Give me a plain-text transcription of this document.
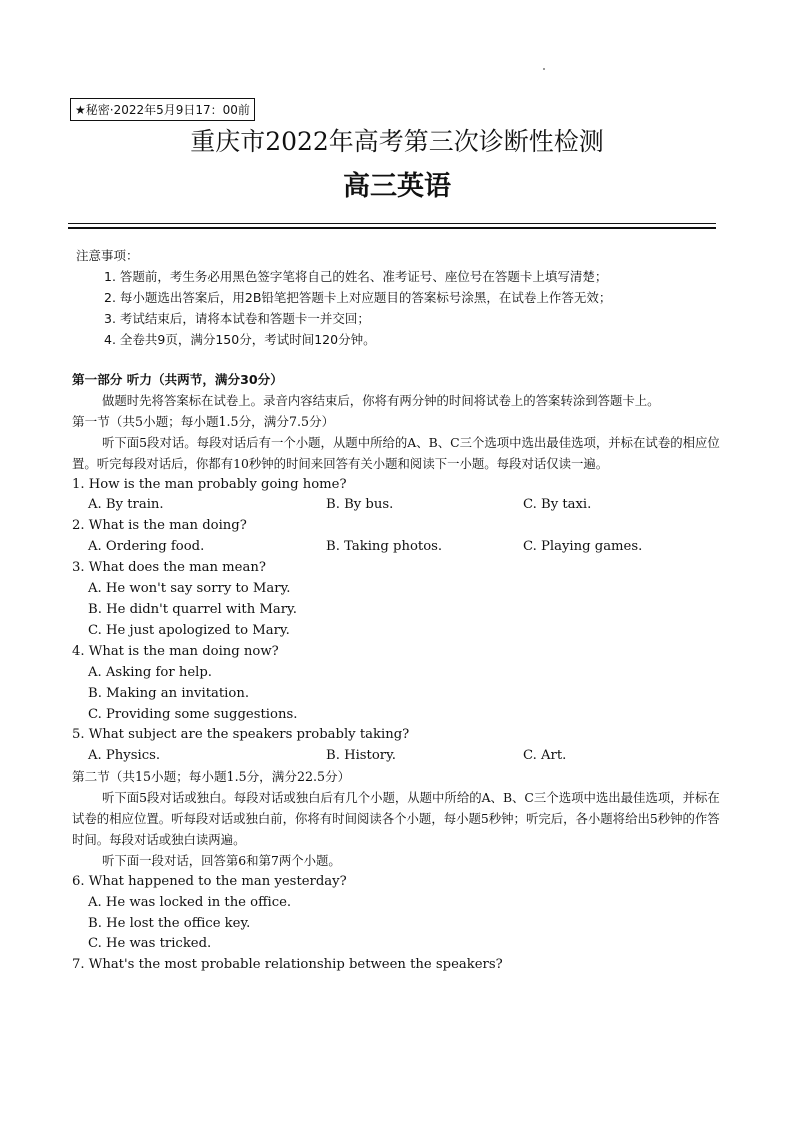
★秘密·2022年5月9日17：00前
重庆市2022年高考第三次诊断性检测
高三英语
注意事项：
1. 答题前，考生务必用黑色签字笔将自己的姓名、准考证号、座位号在答题卡上填写清楚；
2. 每小题选出答案后，用2B铅笔把答题卡上对应题目的答案标号涂黑，在试卷上作答无效；
3. 考试结束后，请将本试卷和答题卡一并交回；
4. 全卷共9页，满分150分，考试时间120分钟。
第一部分 听力（共两节，满分30分）
做题时先将答案标在试卷上。录音内容结束后，你将有两分钟的时间将试卷上的答案转涂到答题卡上。
第一节（共5小题；每小题1.5分，满分7.5分）
听下面5段对话。每段对话后有一个小题，从题中所给的A、B、C三个选项中选出最佳选项，并标在试卷的相应位置。听完每段对话后，你都有10秒钟的时间来回答有关小题和阅读下一小题。每段对话仅读一遍。
1. How is the man probably going home?
A. By train.	B. By bus.	C. By taxi.
2. What is the man doing?
A. Ordering food.	B. Taking photos.	C. Playing games.
3. What does the man mean?
A. He won't say sorry to Mary.
B. He didn't quarrel with Mary.
C. He just apologized to Mary.
4. What is the man doing now?
A. Asking for help.
B. Making an invitation.
C. Providing some suggestions.
5. What subject are the speakers probably taking?
A. Physics.	B. History.	C. Art.
第二节（共15小题；每小题1.5分，满分22.5分）
听下面5段对话或独白。每段对话或独白后有几个小题，从题中所给的A、B、C三个选项中选出最佳选项，并标在试卷的相应位置。听每段对话或独白前，你将有时间阅读各个小题，每小题5秒钟；听完后，各小题将给出5秒钟的作答时间。每段对话或独白读两遍。
听下面一段对话，回答第6和第7两个小题。
6. What happened to the man yesterday?
A. He was locked in the office.
B. He lost the office key.
C. He was tricked.
7. What's the most probable relationship between the speakers?
